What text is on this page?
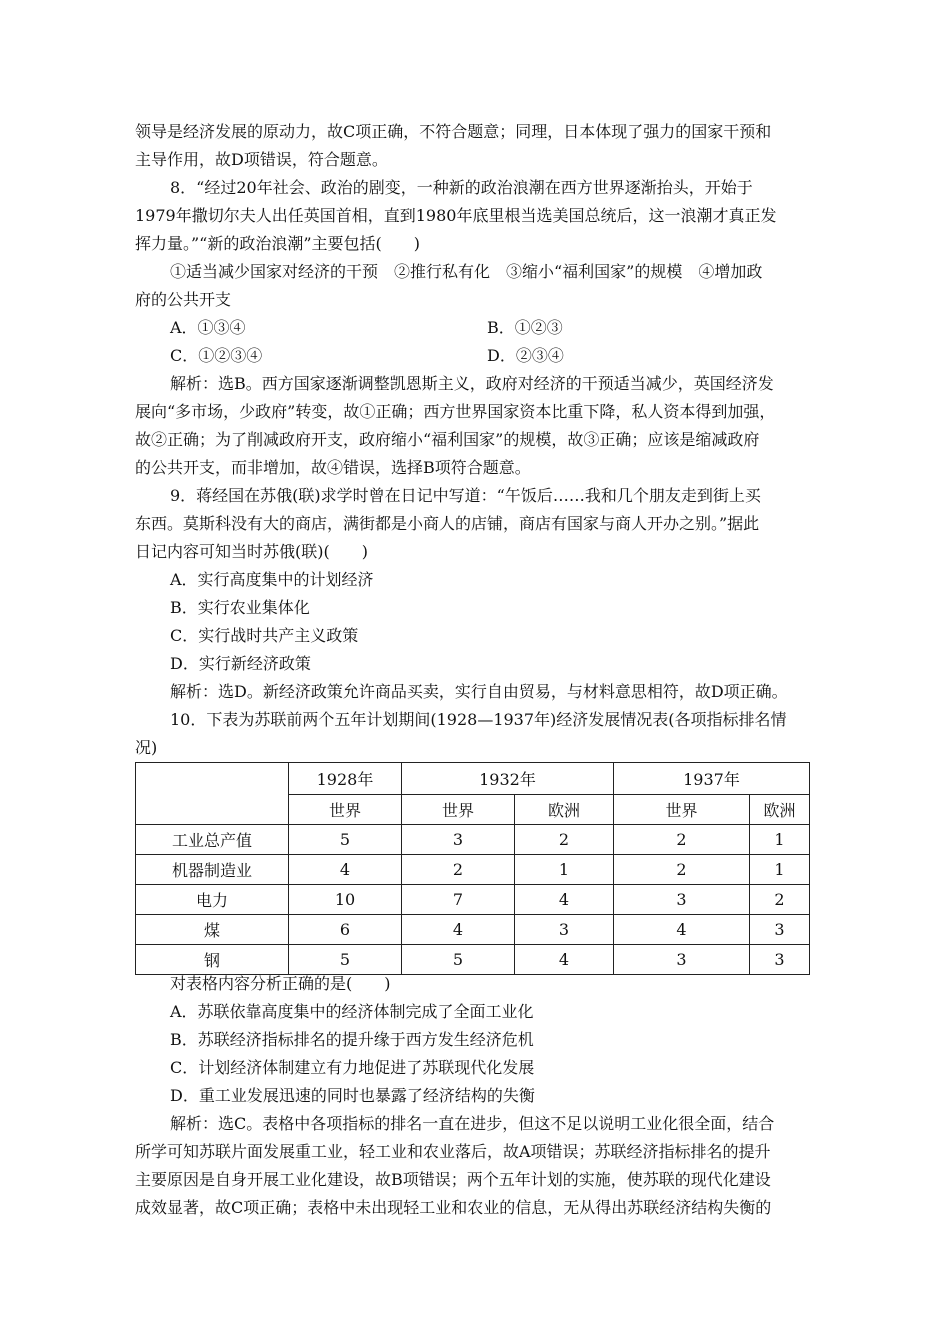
领导是经济发展的原动力，故C项正确，不符合题意；同理，日本体现了强力的国家干预和
主导作用，故D项错误，符合题意。
8．“经过20年社会、政治的剧变，一种新的政治浪潮在西方世界逐渐抬头，开始于
1979年撒切尔夫人出任英国首相，直到1980年底里根当选美国总统后，这一浪潮才真正发
挥力量。”“新的政治浪潮”主要包括(　　)
①适当减少国家对经济的干预　②推行私有化　③缩小“福利国家”的规模　④增加政
府的公共开支
A．①③④	B．①②③
C．①②③④	D．②③④
解析：选B。西方国家逐渐调整凯恩斯主义，政府对经济的干预适当减少，英国经济发
展向“多市场，少政府”转变，故①正确；西方世界国家资本比重下降，私人资本得到加强，
故②正确；为了削减政府开支，政府缩小“福利国家”的规模，故③正确；应该是缩减政府
的公共开支，而非增加，故④错误，选择B项符合题意。
9．蒋经国在苏俄(联)求学时曾在日记中写道：“午饭后……我和几个朋友走到街上买
东西。莫斯科没有大的商店，满街都是小商人的店铺，商店有国家与商人开办之别。”据此
日记内容可知当时苏俄(联)(　　)
A．实行高度集中的计划经济
B．实行农业集体化
C．实行战时共产主义政策
D．实行新经济政策
解析：选D。新经济政策允许商品买卖，实行自由贸易，与材料意思相符，故D项正确。
10．下表为苏联前两个五年计划期间(1928—1937年)经济发展情况表(各项指标排名情
况)
	1928年	1932年		1937年	
	世界	世界	欧洲	世界	欧洲
工业总产值	5	3	2	2	1
机器制造业	4	2	1	2	1
电力	10	7	4	3	2
煤	6	4	3	4	3
钢	5	5	4	3	3
对表格内容分析正确的是(　　)
A．苏联依靠高度集中的经济体制完成了全面工业化
B．苏联经济指标排名的提升缘于西方发生经济危机
C．计划经济体制建立有力地促进了苏联现代化发展
D．重工业发展迅速的同时也暴露了经济结构的失衡
解析：选C。表格中各项指标的排名一直在进步，但这不足以说明工业化很全面，结合
所学可知苏联片面发展重工业，轻工业和农业落后，故A项错误；苏联经济指标排名的提升
主要原因是自身开展工业化建设，故B项错误；两个五年计划的实施，使苏联的现代化建设
成效显著，故C项正确；表格中未出现轻工业和农业的信息，无从得出苏联经济结构失衡的
